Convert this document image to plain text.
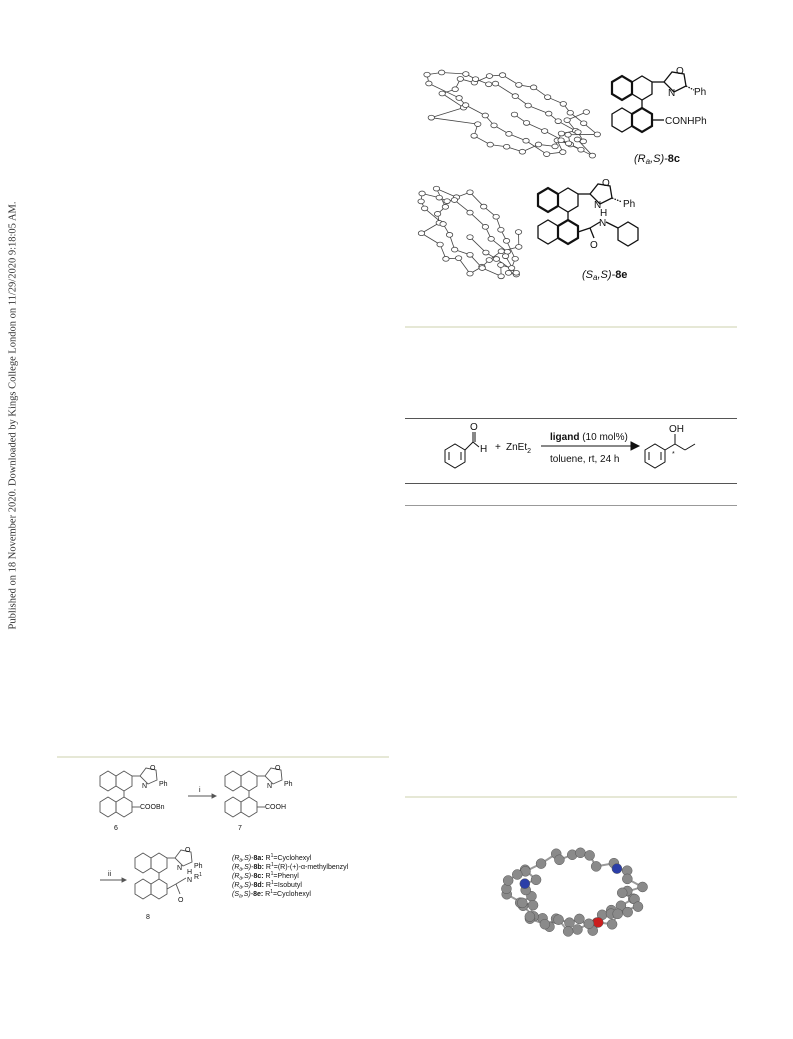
Published on 18 November 2020. Downloaded by Kings College London on 11/29/2020 9:18:05 AM.
O
N Ph
CONHPh
(Ra,S)-8c
O
N Ph
O
H
N
(Sa,S)-8e
O
H + ZnEt$_2$
ligand (10 mol%)
toluene, rt, 24 h
OH
*
O
N Ph
COOBn
6
i
O
N Ph
COOH
7
ii
O
N Ph
O
H
N $R^1$
8
$(R_a,S)-8a$: $R^1=Cyclohexyl$
$(R_a,S)-8b$: $R^1=(R)-(+)-\alpha$-methylbenzyl
$(R_a,S)-8c$: $R^1=Phenyl$
$(R_a,S)-8d$: $R^1=Isobutyl$
$(S_a,S)-8e$: $R^1=Cyclohexyl$
